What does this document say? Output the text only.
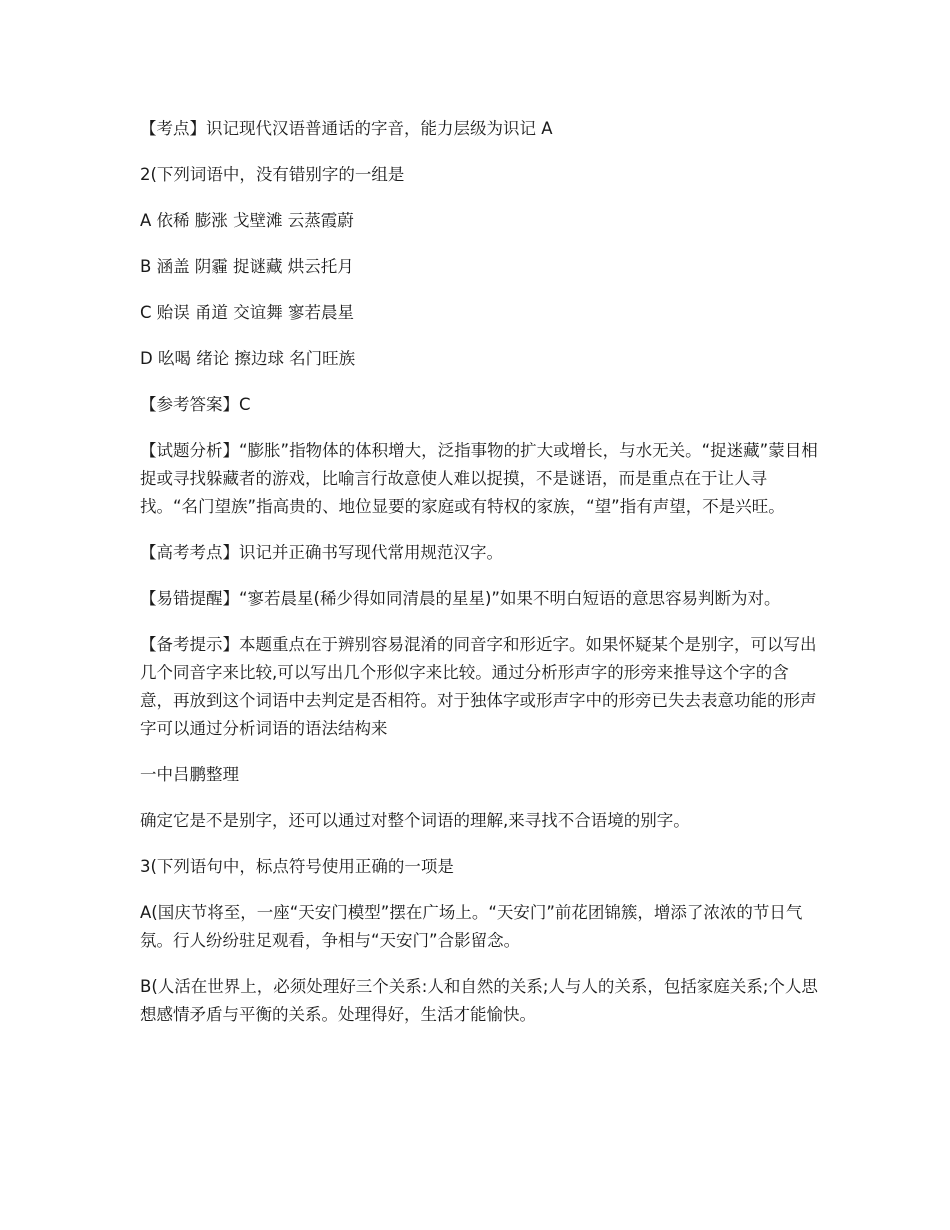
【考点】识记现代汉语普通话的字音，能力层级为识记 A

2(下列词语中，没有错别字的一组是

A 依稀 膨涨 戈壁滩 云蒸霞蔚

B 涵盖 阴霾 捉谜藏 烘云托月

C 贻误 甬道 交谊舞 寥若晨星

D 吆喝 绪论 擦边球 名门旺族

【参考答案】C

【试题分析】“膨胀”指物体的体积增大，泛指事物的扩大或增长，与水无关。“捉迷藏”蒙目相捉或寻找躲藏者的游戏，比喻言行故意使人难以捉摸，不是谜语，而是重点在于让人寻找。“名门望族”指高贵的、地位显要的家庭或有特权的家族，“望”指有声望，不是兴旺。

【高考考点】识记并正确书写现代常用规范汉字。

【易错提醒】“寥若晨星(稀少得如同清晨的星星)”如果不明白短语的意思容易判断为对。

【备考提示】本题重点在于辨别容易混淆的同音字和形近字。如果怀疑某个是别字，可以写出几个同音字来比较,可以写出几个形似字来比较。通过分析形声字的形旁来推导这个字的含意，再放到这个词语中去判定是否相符。对于独体字或形声字中的形旁已失去表意功能的形声字可以通过分析词语的语法结构来

一中吕鹏整理

确定它是不是别字，还可以通过对整个词语的理解,来寻找不合语境的别字。

3(下列语句中，标点符号使用正确的一项是

A(国庆节将至，一座“天安门模型”摆在广场上。“天安门”前花团锦簇，增添了浓浓的节日气氛。行人纷纷驻足观看，争相与“天安门”合影留念。

B(人活在世界上，必须处理好三个关系:人和自然的关系;人与人的关系，包括家庭关系;个人思想感情矛盾与平衡的关系。处理得好，生活才能愉快。
